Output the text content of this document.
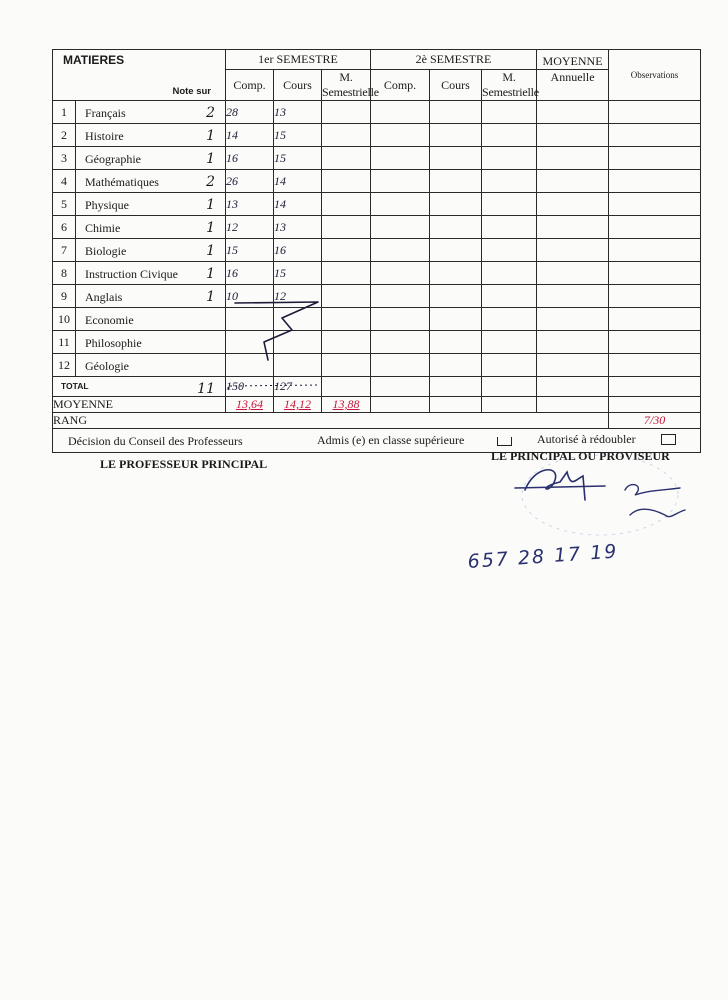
MATIERES
Note sur		1er SEMESTRE			2è SEMESTRE			MOYENNE	Observations
		Comp.	Cours	M. Semestrielle	Comp.	Cours	M. Semestrielle	Annuelle	
1	Français 2	28	13						
2	Histoire 1	14	15						
3	Géographie 1	16	15						
4	Mathématiques 2	26	14						
5	Physique 1	13	14						
6	Chimie 1	12	13						
7	Biologie 1	15	16						
8	Instruction Civique 1	16	15						
9	Anglais 1	10	12						
10	Economie								

11	Philosophie								

12	Géologie								

TOTAL 11		150	127						
MOYENNE		13,64	14,12	13,88					
RANG									7/30

Décision du Conseil des Professeurs Admis (e) en classe supérieure Autorisé à rédoubler									
LE PROFESSEUR PRINCIPAL
LE PRINCIPAL OU PROVISEUR
657 28 17 19
